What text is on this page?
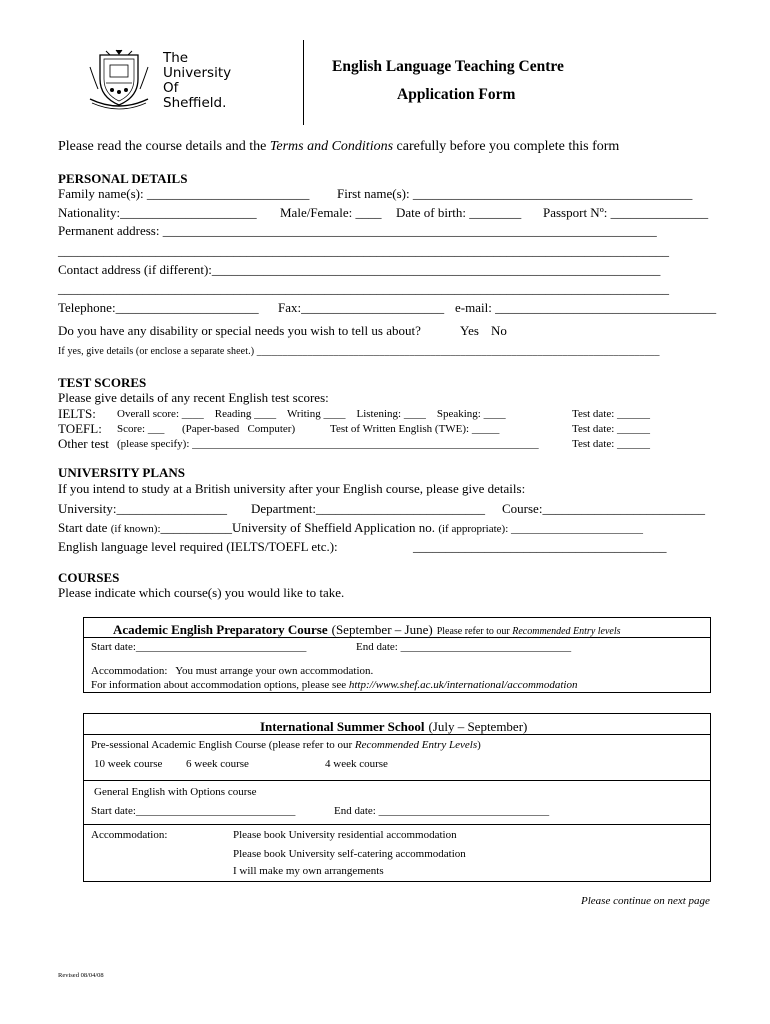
The
University
Of
Sheffield.
English Language Teaching Centre
Application Form
Please read the course details and the Terms and Conditions carefully before you complete this form
PERSONAL DETAILS
Family name(s): _________________________ First name(s): ___________________________________________
Nationality:_____________________ Male/Female: ____ Date of birth: ________ Passport Nº: _______________
Permanent address: ____________________________________________________________________________
______________________________________________________________________________________________
Contact address (if different):_____________________________________________________________________
______________________________________________________________________________________________
Telephone:______________________ Fax:______________________ e-mail: __________________________________
Do you have any disability or special needs you wish to tell us about?	Yes No
If yes, give details (or enclose a separate sheet.) _______________________________________________________________________________
TEST SCORES
Please give details of any recent English test scores:
IELTS: Overall score: ____    Reading ____    Writing ____    Listening: ____    Speaking: ____	Test date: ______
TOEFL: Score: ___ (Paper-based   Computer)	Test of Written English (TWE): _____	Test date: ______
Other test (please specify): _______________________________________________________________	Test date: ______
UNIVERSITY PLANS
If you intend to study at a British university after your English course, please give details:
University:_________________ Department:__________________________ Course:_________________________
Start date (if known):___________University of Sheffield Application no. (if appropriate): ________________________
English language level required (IELTS/TOEFL etc.):	_______________________________________
COURSES
Please indicate which course(s) you would like to take.
Academic English Preparatory Course (September – June) Please refer to our Recommended Entry levels
Start date:_______________________________	End date: _______________________________
Accommodation: You must arrange your own accommodation.
For information about accommodation options, please see http://www.shef.ac.uk/international/accommodation
International Summer School (July – September)
Pre-sessional Academic English Course (please refer to our Recommended Entry Levels)
10 week course 6 week course	4 week course
General English with Options course
Start date:_____________________________	End date: _______________________________
Accommodation:	Please book University residential accommodation
Please book University self-catering accommodation
I will make my own arrangements
Please continue on next page
Revised 08/04/08
